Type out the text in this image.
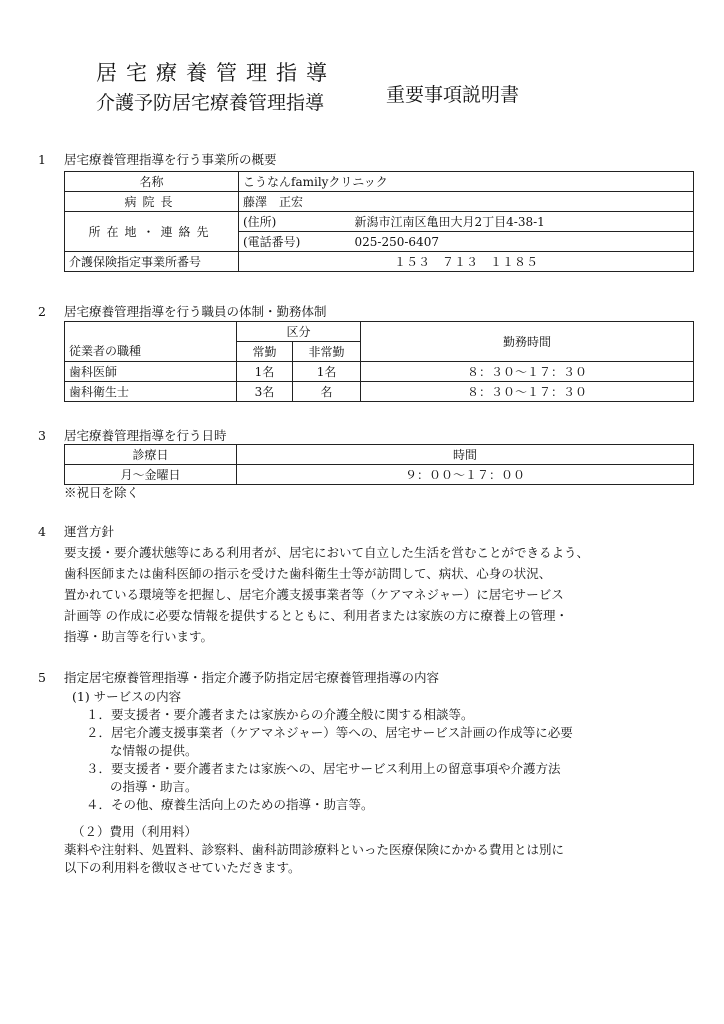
居宅療養管理指導
介護予防居宅療養管理指導	重要事項説明書
1 居宅療養管理指導を行う事業所の概要
名称	こうなんfamilyクリニック	
病院長	藤澤　正宏	
所在地・連絡先	(住所)	新潟市江南区亀田大月2丁目4-38-1
	(電話番号)	025-250-6407
介護保険指定事業所番号	１５３　７１３　１１８５	
2 居宅療養管理指導を行う職員の体制・勤務体制
	区分		勤務時間
従業者の職種	常勤	非常勤	
歯科医師	1名	1名	８：３０～１７：３０
歯科衛生士	3名	名	８：３０～１７：３０
3 居宅療養管理指導を行う日時
診療日	時間
月～金曜日	９：００～１７：００
※祝日を除く
4 運営方針
要支援・要介護状態等にある利用者が、居宅において自立した生活を営むことができるよう、
歯科医師または歯科医師の指示を受けた歯科衛生士等が訪問して、病状、心身の状況、
置かれている環境等を把握し、居宅介護支援事業者等（ケアマネジャー）に居宅サービス
計画等 の作成に必要な情報を提供するとともに、利用者または家族の方に療養上の管理・
指導・助言等を行います。
5 指定居宅療養管理指導・指定介護予防指定居宅療養管理指導の内容
(1) サービスの内容
１．要支援者・要介護者または家族からの介護全般に関する相談等。
２．居宅介護支援事業者（ケアマネジャー）等への、居宅サービス計画の作成等に必要
な情報の提供。
３．要支援者・要介護者または家族への、居宅サービス利用上の留意事項や介護方法
の指導・助言。
４．その他、療養生活向上のための指導・助言等。
（２）費用（利用料）
薬料や注射料、処置料、診察料、歯科訪問診療料といった医療保険にかかる費用とは別に
以下の利用料を徴収させていただきます。
